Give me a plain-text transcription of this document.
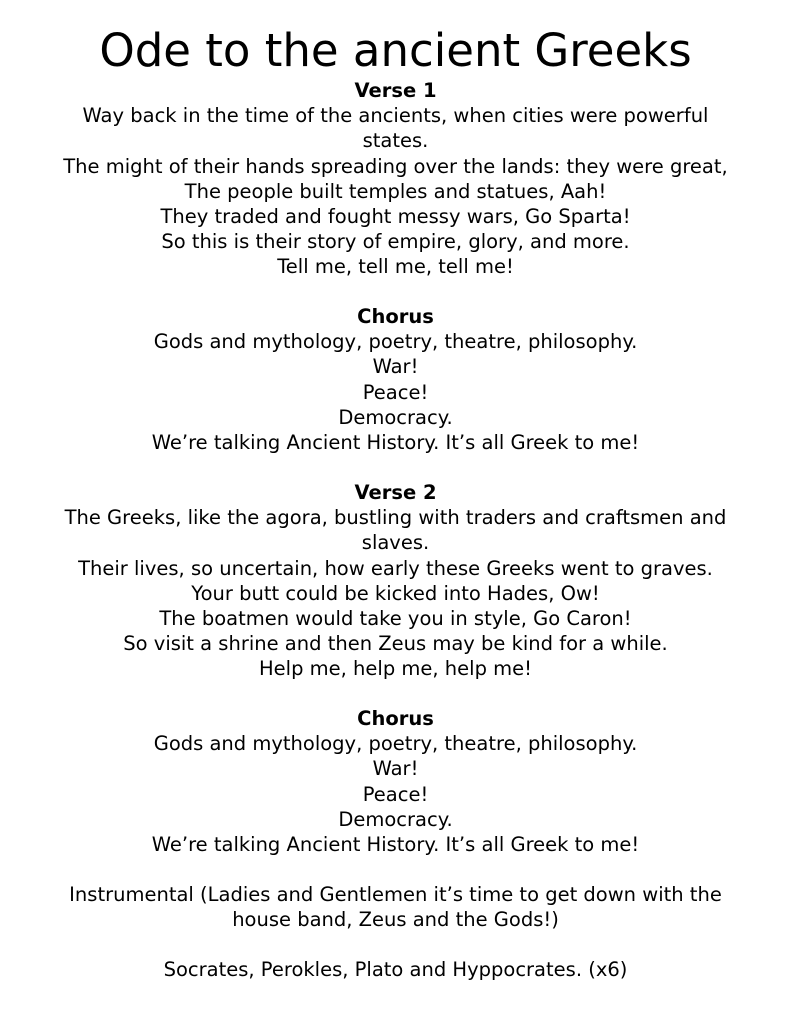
Ode to the ancient Greeks
Verse 1
Way back in the time of the ancients, when cities were powerful
states.
The might of their hands spreading over the lands: they were great,
The people built temples and statues, Aah!
They traded and fought messy wars, Go Sparta!
So this is their story of empire, glory, and more.
Tell me, tell me, tell me!
Chorus
Gods and mythology, poetry, theatre, philosophy.
War!
Peace!
Democracy.
We’re talking Ancient History. It’s all Greek to me!
Verse 2
The Greeks, like the agora, bustling with traders and craftsmen and
slaves.
Their lives, so uncertain, how early these Greeks went to graves.
Your butt could be kicked into Hades, Ow!
The boatmen would take you in style, Go Caron!
So visit a shrine and then Zeus may be kind for a while.
Help me, help me, help me!
Chorus
Gods and mythology, poetry, theatre, philosophy.
War!
Peace!
Democracy.
We’re talking Ancient History. It’s all Greek to me!
Instrumental (Ladies and Gentlemen it’s time to get down with the
house band, Zeus and the Gods!)
Socrates, Perokles, Plato and Hyppocrates. (x6)
